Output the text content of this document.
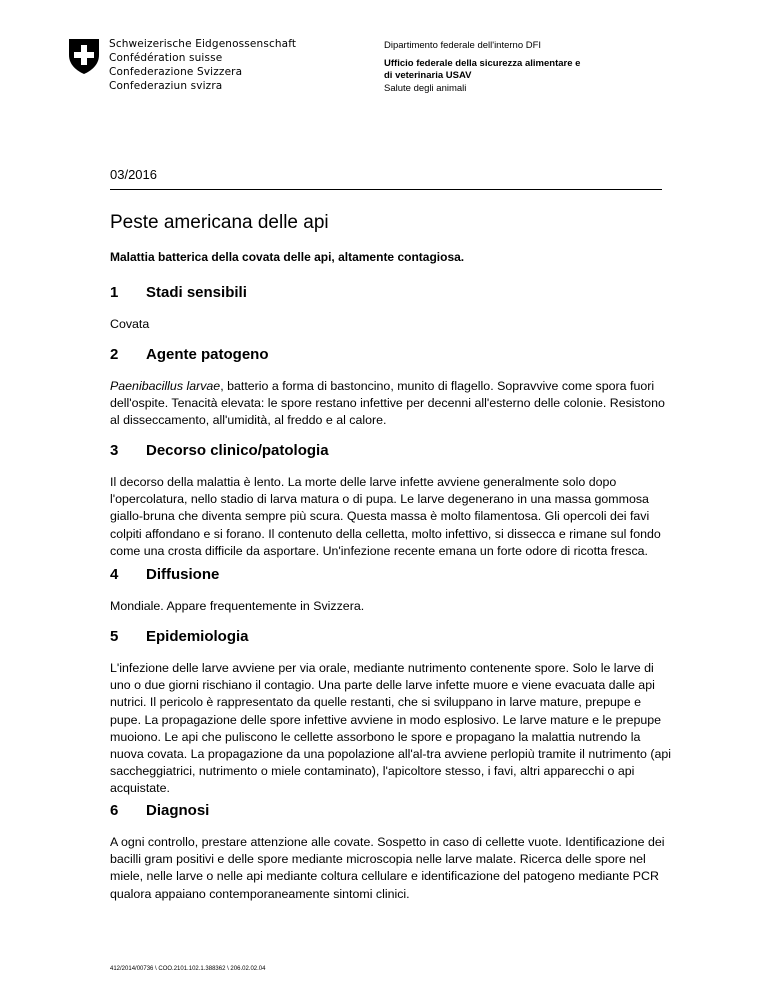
Schweizerische Eidgenossenschaft
Confédération suisse
Confederazione Svizzera
Confederaziun svizra
Dipartimento federale dell'interno DFI
Ufficio federale della sicurezza alimentare e
di veterinaria USAV
Salute degli animali
03/2016
Peste americana delle api
Malattia batterica della covata delle api, altamente contagiosa.
1 Stadi sensibili

Covata

2 Agente patogeno

Paenibacillus larvae, batterio a forma di bastoncino, munito di flagello. Sopravvive come spora fuori

dell'ospite. Tenacità elevata: le spore restano infettive per decenni all'esterno delle colonie. Resistono

al disseccamento, all'umidità, al freddo e al calore.

3 Decorso clinico/patologia

Il decorso della malattia è lento. La morte delle larve infette avviene generalmente solo dopo

l'opercolatura, nello stadio di larva matura o di pupa. Le larve degenerano in una massa gommosa

giallo-bruna che diventa sempre più scura. Questa massa è molto filamentosa. Gli opercoli dei favi

colpiti affondano e si forano. Il contenuto della celletta, molto infettivo, si dissecca e rimane sul fondo

come una crosta difficile da asportare. Un'infezione recente emana un forte odore di ricotta fresca.

4 Diffusione

Mondiale. Appare frequentemente in Svizzera.

5 Epidemiologia

L'infezione delle larve avviene per via orale, mediante nutrimento contenente spore. Solo le larve di

uno o due giorni rischiano il contagio. Una parte delle larve infette muore e viene evacuata dalle api

nutrici. Il pericolo è rappresentato da quelle restanti, che si sviluppano in larve mature, prepupe e

pupe. La propagazione delle spore infettive avviene in modo esplosivo. Le larve mature e le prepupe

muoiono. Le api che puliscono le cellette assorbono le spore e propagano la malattia nutrendo la

nuova covata. La propagazione da una popolazione all'al-tra avviene perlopiù tramite il nutrimento (api

saccheggiatrici, nutrimento o miele contaminato), l'apicoltore stesso, i favi, altri apparecchi o api

acquistate.

6 Diagnosi

A ogni controllo, prestare attenzione alle covate. Sospetto in caso di cellette vuote. Identificazione dei

bacilli gram positivi e delle spore mediante microscopia nelle larve malate. Ricerca delle spore nel

miele, nelle larve o nelle api mediante coltura cellulare e identificazione del patogeno mediante PCR

qualora appaiano contemporaneamente sintomi clinici.

412/2014/00736 \ COO.2101.102.1.388362 \ 206.02.02.04
